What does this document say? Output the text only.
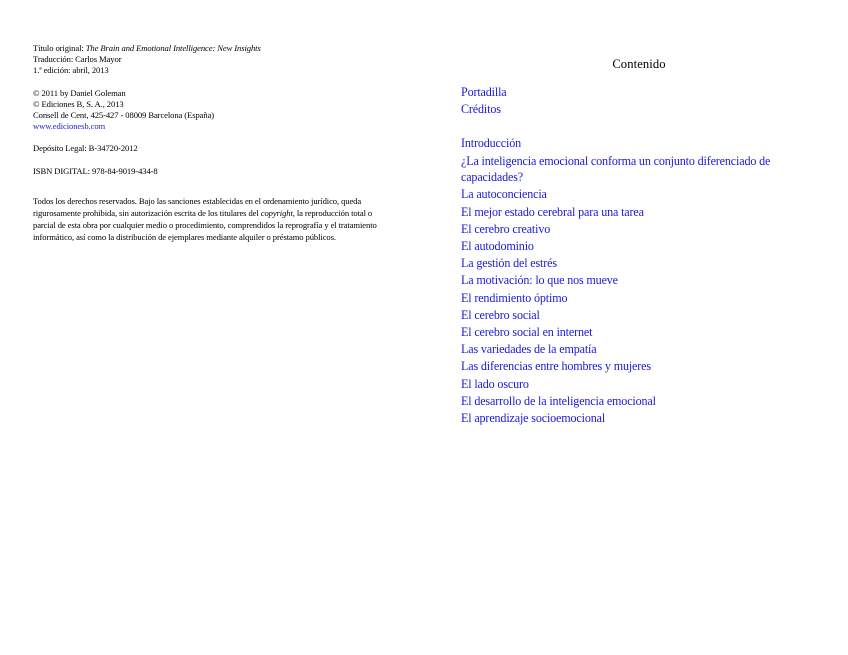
Título original: The Brain and Emotional Intelligence: New Insights

Traducción: Carlos Mayor

1.ª edición: abril, 2013

© 2011 by Daniel Goleman

© Ediciones B, S. A., 2013

Consell de Cent, 425-427 - 08009 Barcelona (España)

www.edicionesb.com

Depósito Legal: B-34720-2012

ISBN DIGITAL: 978-84-9019-434-8

Todos los derechos reservados. Bajo las sanciones establecidas en el ordenamiento jurídico, queda rigurosamente prohibida, sin autorización escrita de los titulares del copyright, la reproducción total o parcial de esta obra por cualquier medio o procedimiento, comprendidos la reprografía y el tratamiento informático, así como la distribución de ejemplares mediante alquiler o préstamo públicos.

Contenido
Portadilla
Créditos
Introducción
¿La inteligencia emocional conforma un conjunto diferenciado de capacidades?
La autoconciencia
El mejor estado cerebral para una tarea
El cerebro creativo
El autodominio
La gestión del estrés
La motivación: lo que nos mueve
El rendimiento óptimo
El cerebro social
El cerebro social en internet
Las variedades de la empatía
Las diferencias entre hombres y mujeres
El lado oscuro
El desarrollo de la inteligencia emocional
El aprendizaje socioemocional
